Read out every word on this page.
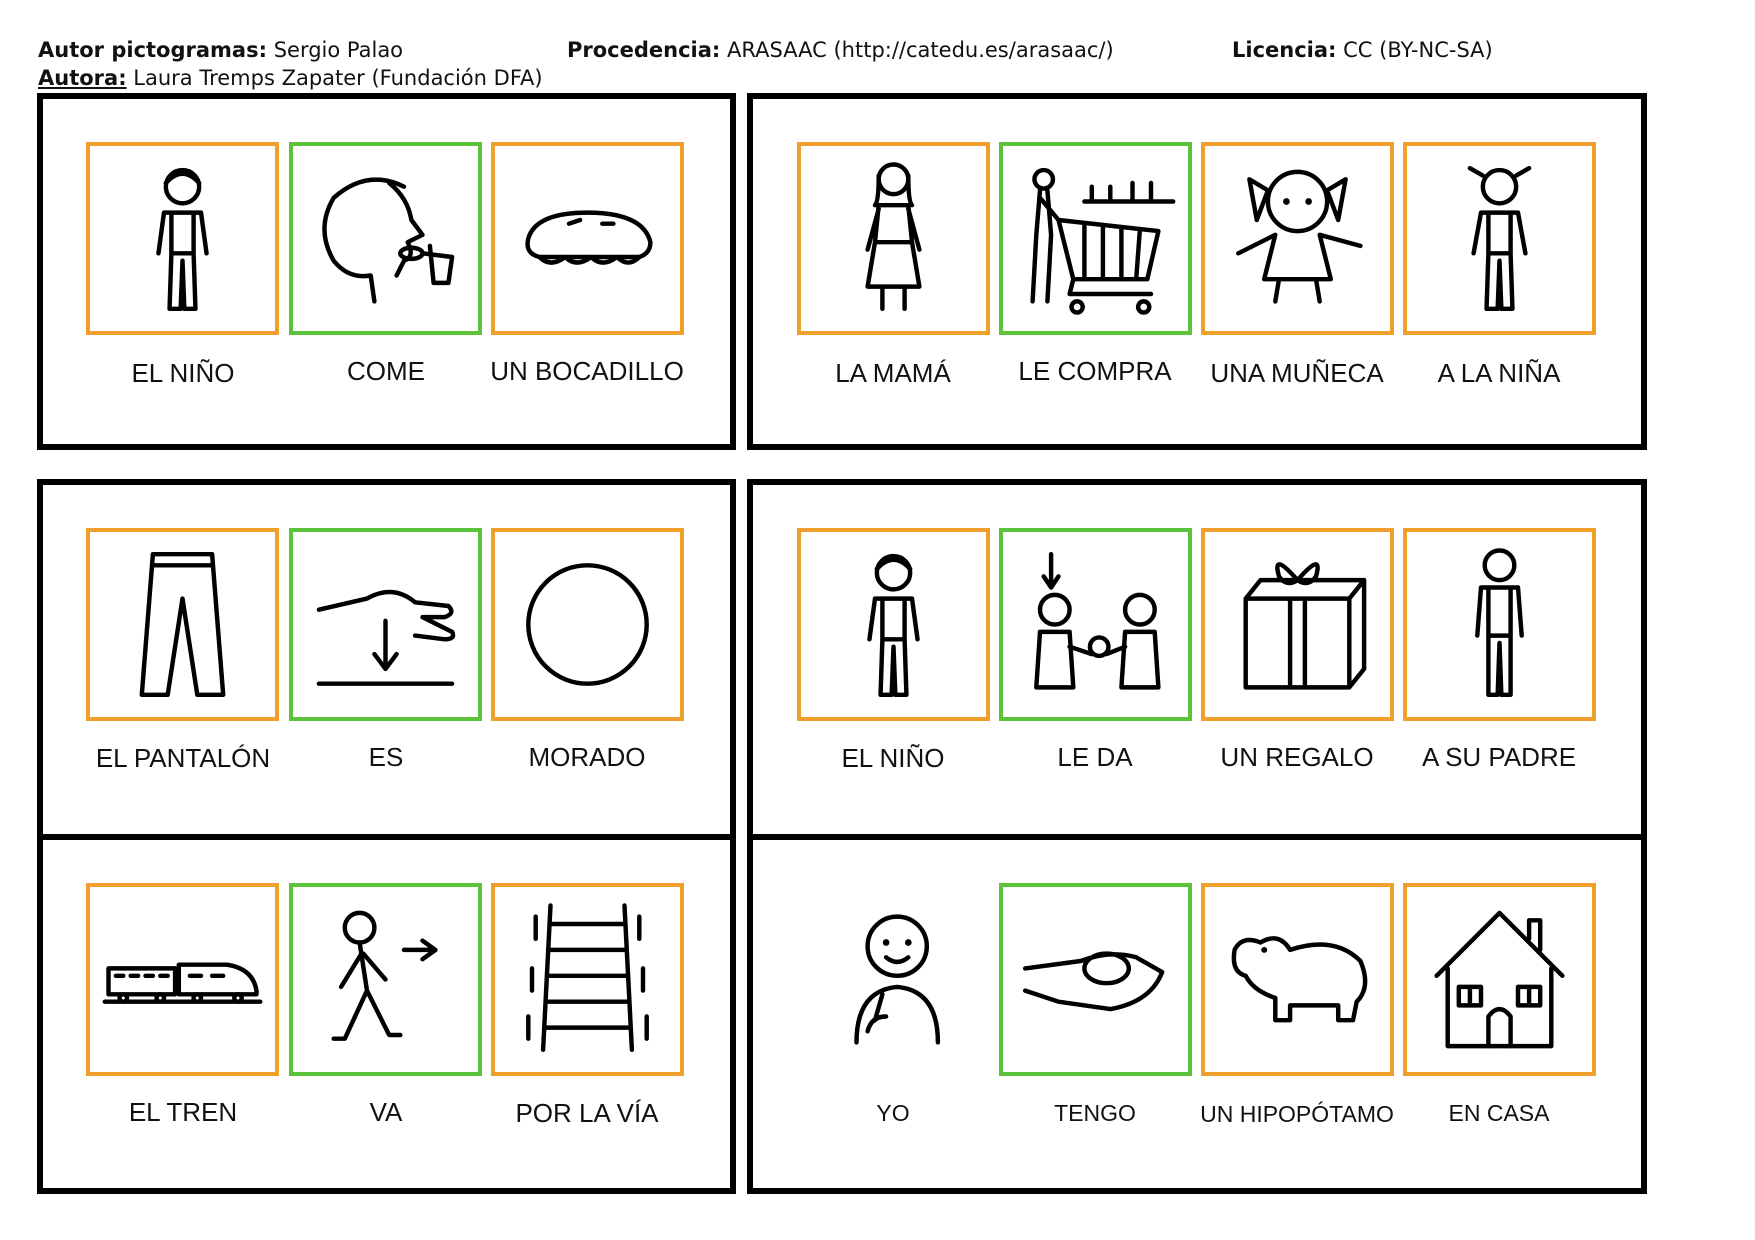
Autor pictogramas: Sergio Palao	Procedencia: ARASAAC (http://catedu.es/arasaac/)	Licencia: CC (BY-NC-SA)
Autora: Laura Tremps Zapater (Fundación DFA)
EL NIÑO	COME	UN BOCADILLO	LA MAMÁ	LE COMPRA	UNA MUÑECA	A LA NIÑA
EL PANTALÓN	ES	MORADO	EL NIÑO	LE DA	UN REGALO	A SU PADRE
EL TREN	VA	POR LA VÍA	YO	TENGO	UN HIPOPÓTAMO	EN CASA
